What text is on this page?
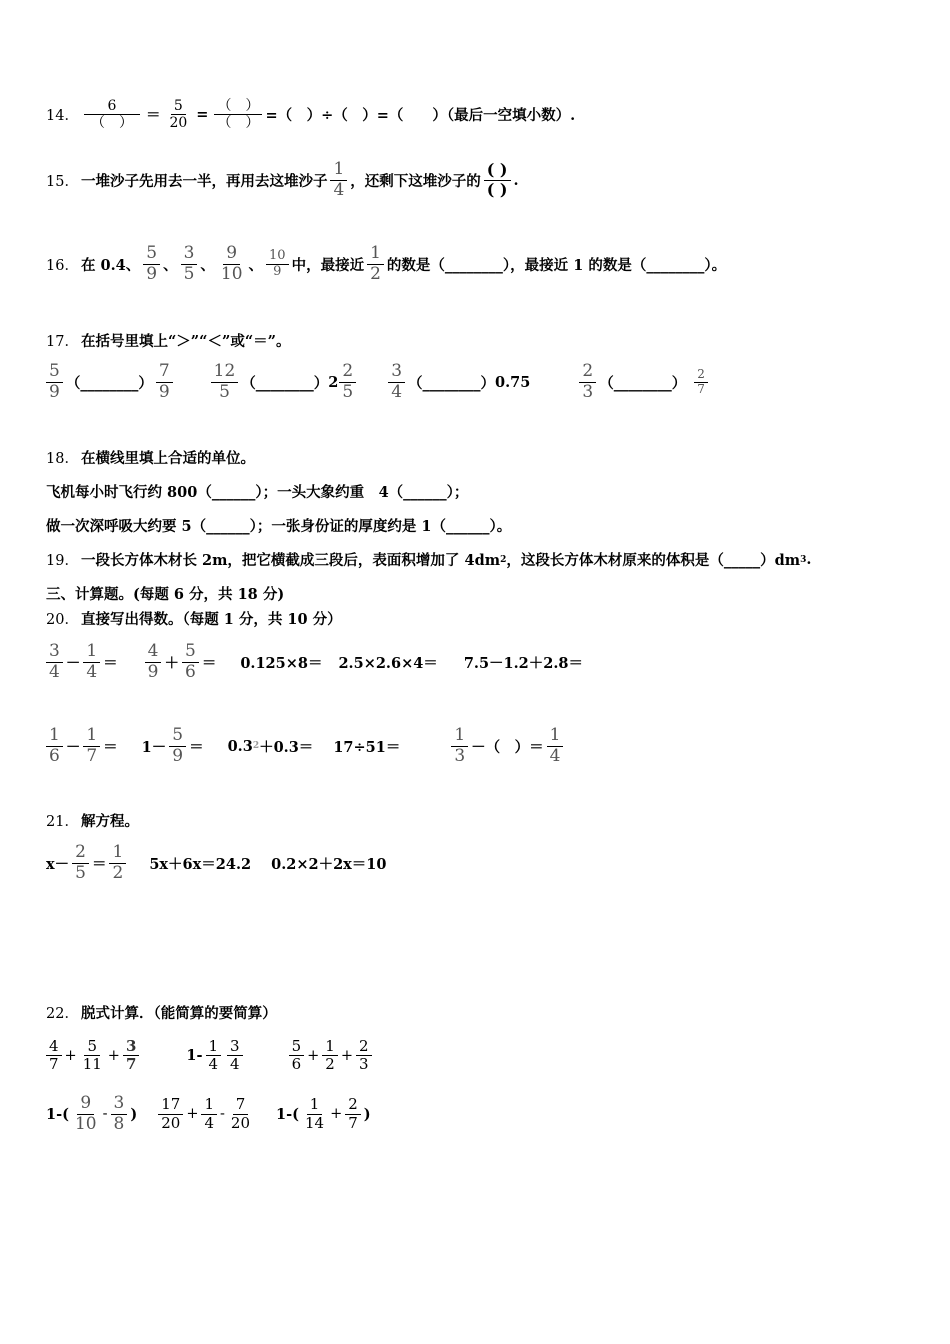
14．
6
（　） ＝ $\frac{5}{20}$ =
（　）
（　） =（　）÷（　）=（　　）（最后一空填小数）.
15． 一堆沙子先用去一半，再用去这堆沙子
1
4 ，还剩下这堆沙子的
( )
( ) .
16． 在 0.4、
5
9 、
3
5 、
9
10 、
10
9 中，最接近
1
2 的数是（________），最接近 1 的数是（________）。
17． 在括号里填上“＞”“＜”或“＝”。
5
9 （________）
7
9
12
5 （________） 2
2
5
3
4 （________） 0.75
2
3 （________）
2
7
18． 在横线里填上合适的单位。
飞机每小时飞行约 800（______）；一头大象约重　4（______）；
做一次深呼吸大约要 5（______）；一张身份证的厚度约是 1（______）。
19． 一段长方体木材长 2m，把它横截成三段后，表面积增加了 4dm 2 ，这段长方体木材原来的体积是（_____）dm 3 .
三、计算题。(每题 6 分，共 18 分)
20． 直接写出得数。（每题 1 分，共 10 分）
3
4 －
1
4 ＝
4
9 ＋
5
6 ＝ 0.125×8＝ 2.5×2.6×4＝ 7.5－1.2＋2.8＝
1
6 －
1
7 ＝ 1－
5
9 ＝ 0.3 2 ＋0.3＝ 17÷51＝
1
3 －（　）＝
1
4
21． 解方程。
x－
2
5 ＝
1
2 5x＋6x＝24.2 0.2×2＋2x＝10
22． 脱式计算．（能简算的要简算）
4
$7 + \frac{5}{11} + \frac{3}{7}$	1-
1
4
3
4
5
$6 + \frac{1}{2} + \frac{2}{3}$
1-(
9
10 -
3
8 )
17
$20 + \frac{1}{4}$ -
7
20 1-(
1
$14 + \frac{2}{7}$ )
